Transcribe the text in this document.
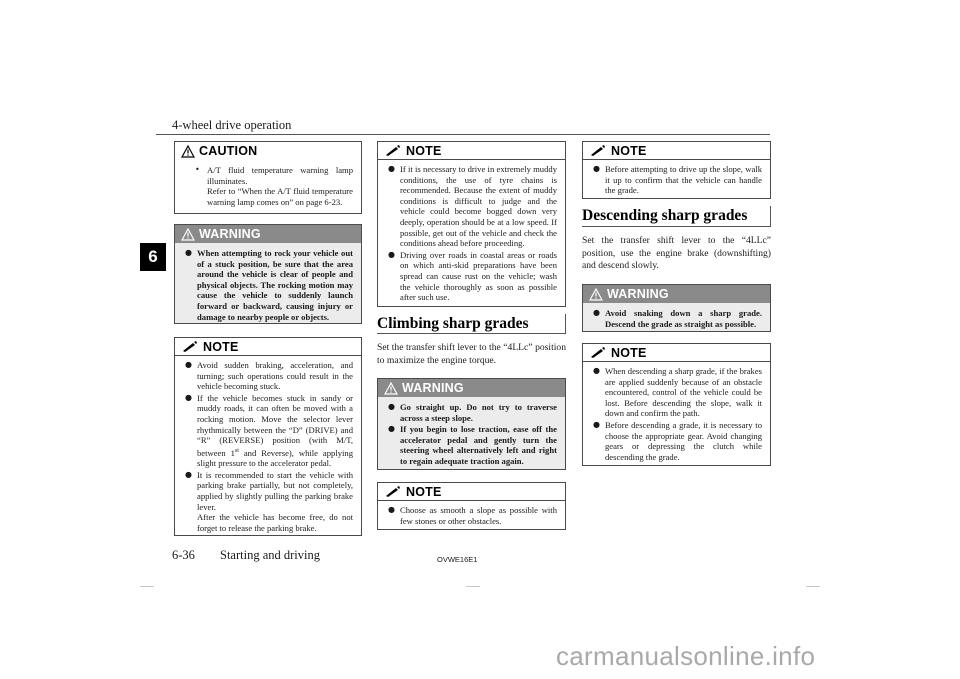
4-wheel drive operation
6
CAUTION
• A/T fluid temperature warning lamp illuminates.
Refer to “When the A/T fluid temperature warning lamp comes on” on page 6-23.
WARNING
● When attempting to rock your vehicle out of a stuck position, be sure that the area around the vehicle is clear of people and physical objects. The rocking motion may cause the vehicle to suddenly launch forward or backward, causing injury or damage to nearby people or objects.
NOTE
● Avoid sudden braking, acceleration, and turning; such operations could result in the vehicle becoming stuck.
● If the vehicle becomes stuck in sandy or muddy roads, it can often be moved with a rocking motion. Move the selector lever rhythmically between the “D” (DRIVE) and “R” (REVERSE) position (with M/T, between 1st and Reverse), while applying slight pressure to the accelerator pedal.
● It is recommended to start the vehicle with parking brake partially, but not completely, applied by slightly pulling the parking brake lever.
After the vehicle has become free, do not forget to release the parking brake.
NOTE
● If it is necessary to drive in extremely muddy conditions, the use of tyre chains is recommended. Because the extent of muddy conditions is difficult to judge and the vehicle could become bogged down very deeply, operation should be at a low speed. If possible, get out of the vehicle and check the conditions ahead before proceeding.
● Driving over roads in coastal areas or roads on which anti-skid preparations have been spread can cause rust on the vehicle; wash the vehicle thoroughly as soon as possible after such use.
Climbing sharp grades
Set the transfer shift lever to the “4LLc” position to maximize the engine torque.
WARNING
● Go straight up. Do not try to traverse across a steep slope.
● If you begin to lose traction, ease off the accelerator pedal and gently turn the steering wheel alternatively left and right to regain adequate traction again.
NOTE
● Choose as smooth a slope as possible with few stones or other obstacles.
NOTE
● Before attempting to drive up the slope, walk it up to confirm that the vehicle can handle the grade.
Descending sharp grades
Set the transfer shift lever to the “4LLc” position, use the engine brake (downshifting) and descend slowly.
WARNING
● Avoid snaking down a sharp grade. Descend the grade as straight as possible.
NOTE
● When descending a sharp grade, if the brakes are applied suddenly because of an obstacle encountered, control of the vehicle could be lost. Before descending the slope, walk it down and confirm the path.
● Before descending a grade, it is necessary to choose the appropriate gear. Avoid changing gears or depressing the clutch while descending the grade.
6-36 Starting and driving	OVWE16E1
carmanualsonline.info
